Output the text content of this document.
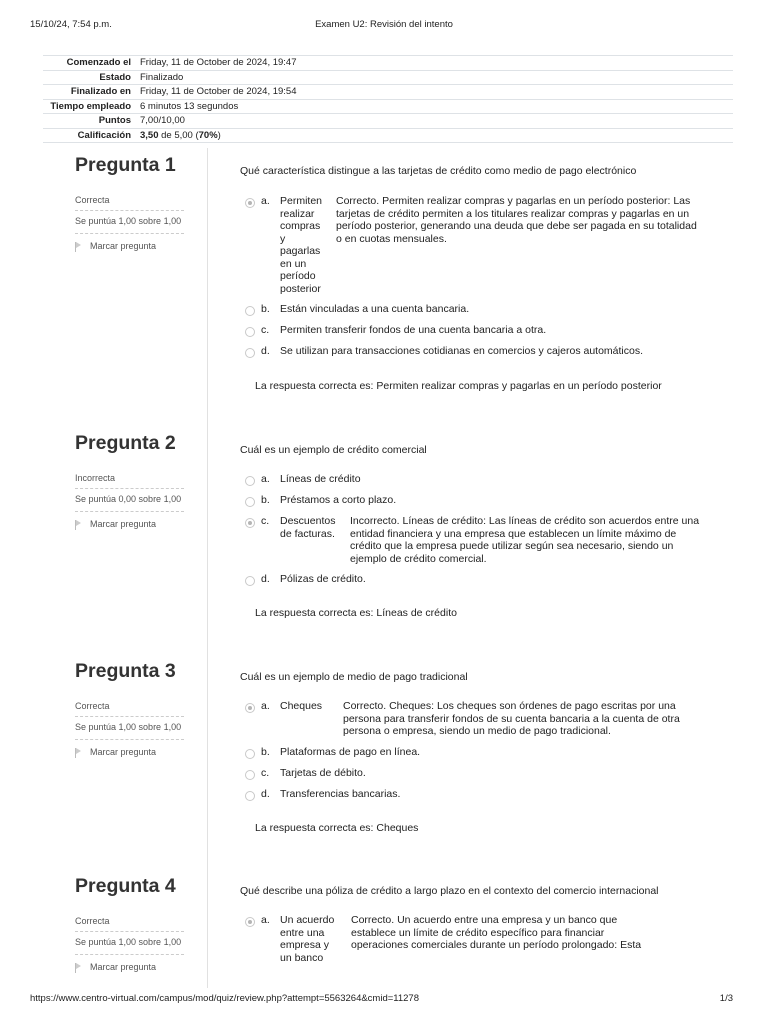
15/10/24, 7:54 p.m.	Examen U2: Revisión del intento
Comenzado el	Friday, 11 de October de 2024, 19:47
Estado	Finalizado
Finalizado en	Friday, 11 de October de 2024, 19:54
Tiempo empleado	6 minutos 13 segundos
Puntos	7,00/10,00
Calificación	3,50 de 5,00 (70%)
Pregunta 1
Correcta
Se puntúa 1,00 sobre 1,00
Marcar pregunta
Qué característica distingue a las tarjetas de crédito como medio de pago electrónico
a. Permiten realizar compras y pagarlas en un período posterior
Correcto. Permiten realizar compras y pagarlas en un período posterior: Las tarjetas de crédito permiten a los titulares realizar compras y pagarlas en un período posterior, generando una deuda que debe ser pagada en su totalidad o en cuotas mensuales.
b. Están vinculadas a una cuenta bancaria.
c.	Permiten transferir fondos de una cuenta bancaria a otra.
d. Se utilizan para transacciones cotidianas en comercios y cajeros automáticos.
La respuesta correcta es: Permiten realizar compras y pagarlas en un período posterior
Pregunta 2
Incorrecta
Se puntúa 0,00 sobre 1,00
Marcar pregunta
Cuál es un ejemplo de crédito comercial
a. Líneas de crédito
b. Préstamos a corto plazo.
c.	Descuentos de facturas.
Incorrecto. Líneas de crédito: Las líneas de crédito son acuerdos entre una entidad financiera y una empresa que establecen un límite máximo de crédito que la empresa puede utilizar según sea necesario, siendo un ejemplo de crédito comercial.
d. Pólizas de crédito.
La respuesta correcta es: Líneas de crédito
Pregunta 3
Correcta
Se puntúa 1,00 sobre 1,00
Marcar pregunta
Cuál es un ejemplo de medio de pago tradicional
a. Cheques	Correcto. Cheques: Los cheques son órdenes de pago escritas por una persona para transferir fondos de su cuenta bancaria a la cuenta de otra persona o empresa, siendo un medio de pago tradicional.
b. Plataformas de pago en línea.
c.	Tarjetas de débito.
d. Transferencias bancarias.
La respuesta correcta es: Cheques
Pregunta 4
Correcta
Se puntúa 1,00 sobre 1,00
Marcar pregunta
Qué describe una póliza de crédito a largo plazo en el contexto del comercio internacional
a. Un acuerdo entre una empresa y un banco
Correcto. Un acuerdo entre una empresa y un banco que establece un límite de crédito específico para financiar operaciones comerciales durante un período prolongado: Esta
https://www.centro-virtual.com/campus/mod/quiz/review.php?attempt=5563264&cmid=11278	1/3
